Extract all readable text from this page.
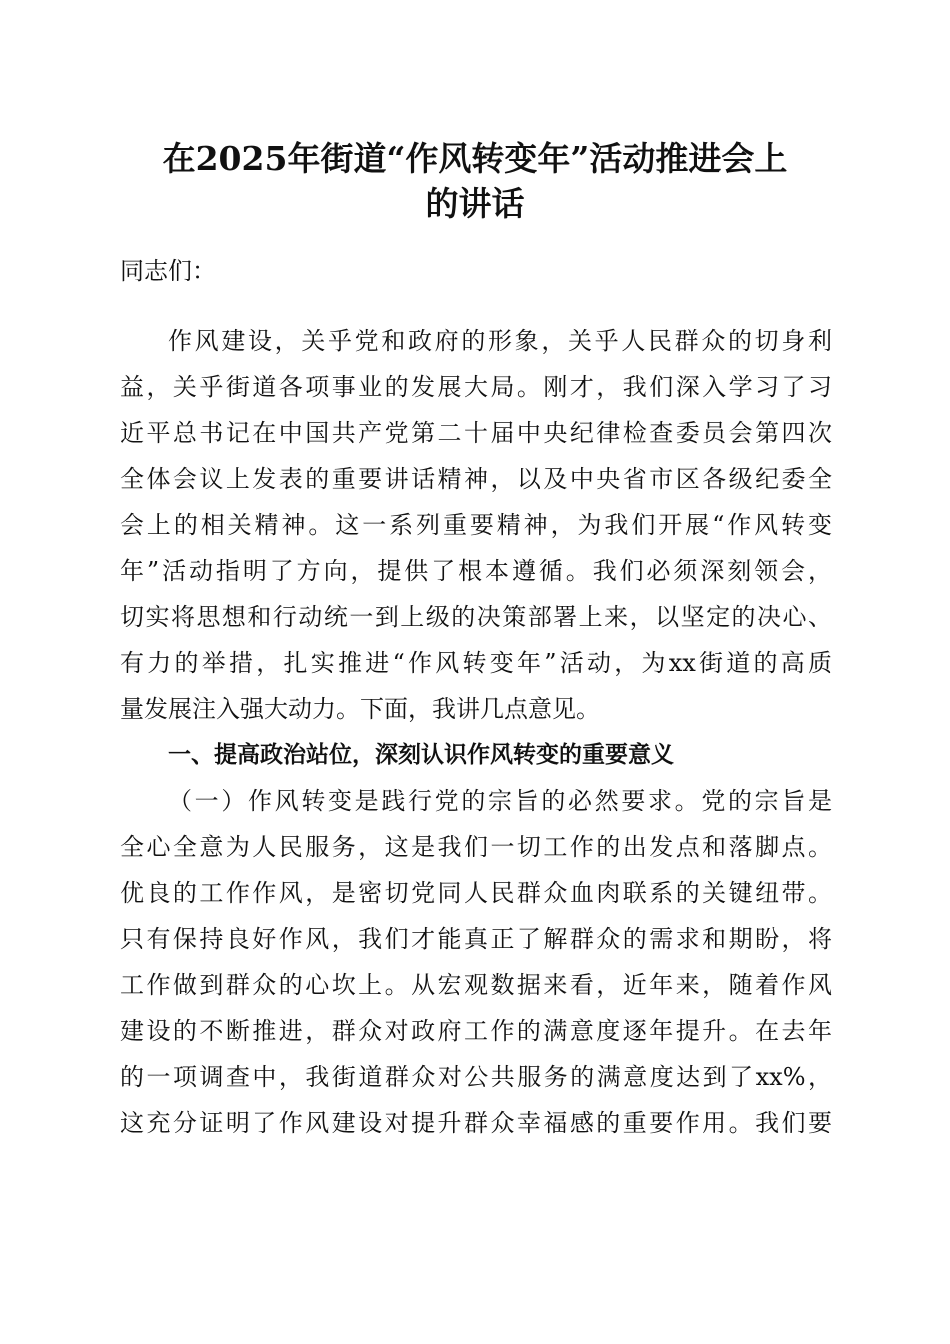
在2025年街道“作风转变年”活动推进会上
的讲话
同志们：
作风建设，关乎党和政府的形象，关乎人民群众的切身利
益，关乎街道各项事业的发展大局。刚才，我们深入学习了习
近平总书记在中国共产党第二十届中央纪律检查委员会第四次
全体会议上发表的重要讲话精神，以及中央省市区各级纪委全
会上的相关精神。这一系列重要精神，为我们开展“作风转变
年”活动指明了方向，提供了根本遵循。我们必须深刻领会，
切实将思想和行动统一到上级的决策部署上来，以坚定的决心、
有力的举措，扎实推进“作风转变年”活动，为xx街道的高质
量发展注入强大动力。下面，我讲几点意见。
一、提高政治站位，深刻认识作风转变的重要意义
（一）作风转变是践行党的宗旨的必然要求。党的宗旨是
全心全意为人民服务，这是我们一切工作的出发点和落脚点。
优良的工作作风，是密切党同人民群众血肉联系的关键纽带。
只有保持良好作风，我们才能真正了解群众的需求和期盼，将
工作做到群众的心坎上。从宏观数据来看，近年来，随着作风
建设的不断推进，群众对政府工作的满意度逐年提升。在去年
的一项调查中，我街道群众对公共服务的满意度达到了xx%，
这充分证明了作风建设对提升群众幸福感的重要作用。我们要
